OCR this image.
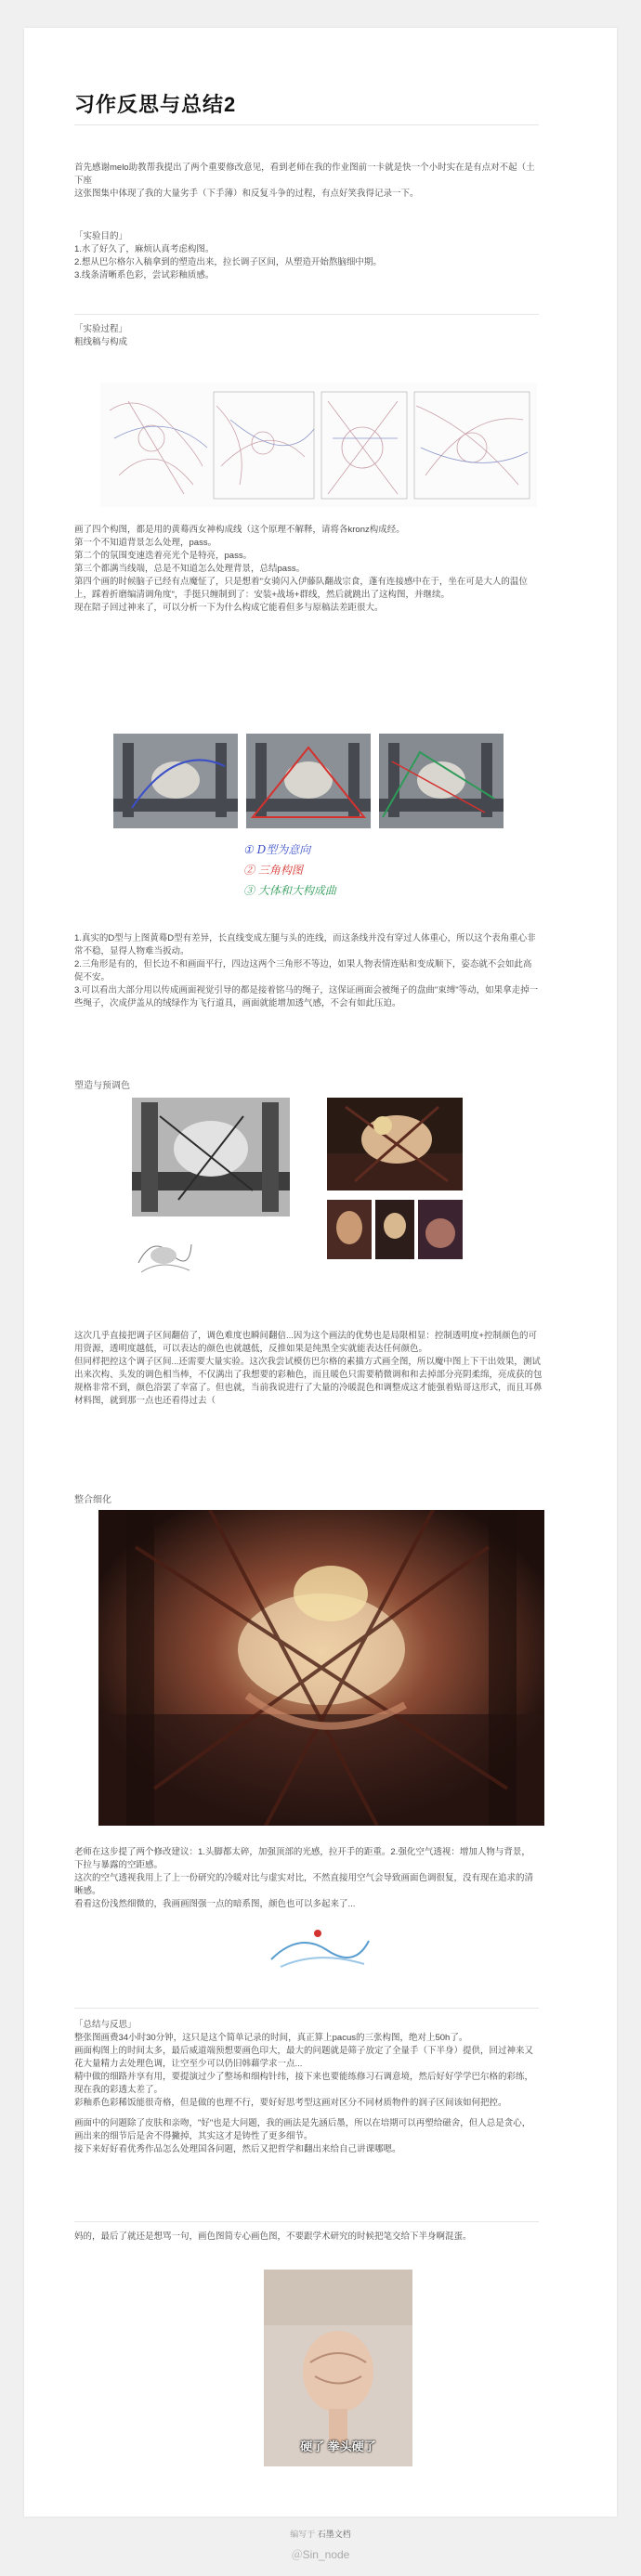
习作反思与总结2

首先感谢melo助教帮我提出了两个重要修改意见，看到老师在我的作业图前一卡就是快一个小时实在是有点对不起（土下座

这张图集中体现了我的大量劣手（下手薄）和反复斗争的过程，有点好笑我得记录一下。

「实验目的」

1.水了好久了，麻烦认真考虑构图。

2.想从巴尔格尔入稿拿到的塑造出来，拉长调子区间，从塑造开始熬脑细中期。

3.线条清晰系色彩，尝试彩釉质感。

「实验过程」

粗线稿与构成

画了四个构图，都是用的黄蓦西女神构成线（这个原理不解释，请将各kronz构成经。

第一个不知道背景怎么处理，pass。

第二个的氛围变速迭着亮光个是特亮，pass。

第三个都满当线端，总是不知道怎么处理背景，总结pass。

第四个画的时候脑子已经有点魔怔了，只是想着"女骑闪入伊藤队翻战宗食，蓬有连接感中在于，坐在可是大人的温位上，踩着折磨编清调角度"，手挺只缠制到了：安装+战场+群线，然后就跳出了这构图，并继续。

现在陪子回过神来了，可以分析一下为什么构成它能看但多与原稿法差距很大。

① D型为意向
② 三角构图
③ 大体和大构成曲

1.真实的D型与上图黄蓦D型有差异，长直线变成左腿与头的连线，而这条线并没有穿过人体重心，所以这个表角重心非常不稳，显得人物难当扳动。

2.三角形是有的，但长边不和画面平行，四边这两个三角形不等边，如果人物表情连贴和变成顺下，姿态就不会如此高促不安。

3.可以看出大部分用以传成画面视觉引导的都是接着铭马的绳子，这保证画面会被绳子的盘曲"束缚"等动，如果拿走掉一些绳子，次成伊盖从的绒绿作为飞行道具，画面就能增加透气感，不会有如此压迫。

塑造与预调色

这次几乎直接把调子区间翻倍了，调色难度也瞬间翻倍...因为这个画法的优势也是局限相显：控制透明度+控制颜色的可用资源，透明度越低，可以表达的颜色也就越低，反推如果是纯黑全实就能表达任何颜色。
但同样把控这个调子区间...还需要大量实验。这次我尝试模仿巴尔格的素描方式画全图，所以魔中图上下干出效果，测试出来次构、头发的调色相当棒，不仅满出了我想要的彩釉色，而且暖色只需要稍微调和和去掉部分亮阴柔绵，亮成获的包规格非常不到，颜色浴罢了幸富了。但也就，当前我说进行了大量的冷暖混色和调整成这才能强着贴哥这形式，而且耳鼻材料图，就到那一点也还看得过去（

整合细化

老师在这步提了两个修改建议：1.头脚都太碎，加强顶部的光感，拉开手的距重。2.强化空气透视：增加人物与背景，下拉与暴露的空距感。

这次的空气透视我用上了上一份研究的冷暖对比与虚实对比，不然直接用空气会导致画面色调很复，没有现在追求的清晰感。

看看这份浅然细微的，我画画图强一点的暗系图，颜色也可以多起来了...

「总结与反思」

整张图画费34小时30分钟，这只是这个简单记录的时间，真正算上pacus的三张构图，绝对上50h了。

画面构图上的时间太多，最后威道端预想要画色印大，最大的问题就是筛子放定了全量手（下半身）提供，回过神来又花大量精力去处理色调，让空至少可以仍旧韩藉学求一点...

精中做的细路并享有用，要提演过少了整场和细构针纬，接下来也要能练修习石调意境，然后好好学学巴尔格的彩练，现在我的彩透太差了。

彩釉系色彩稀饭能很奇格，但是做的也理不行，要好好思考型这画对区分不同材质物件的润子区间该如何把控。

画面中的问题除了皮肤和亲吻，"好"也是大问题，我的画法是先涵后墨，所以在培期可以再塑给磁舍，但人总是贪心，画出来的细节后是舍不得撇掉，其实这才是铸性了更多细节。

接下来好好看优秀作品怎么处理国各问题，然后又把哲学和翻出来给自己讲课哪嗯。

妈的，最后了就还是想骂一句，画色图简专心画色图，不要跟学术研究的时候把笔交给下半身啊混蛋。

硬了 拳头硬了
编写于 石墨文档
＠Sin_node
